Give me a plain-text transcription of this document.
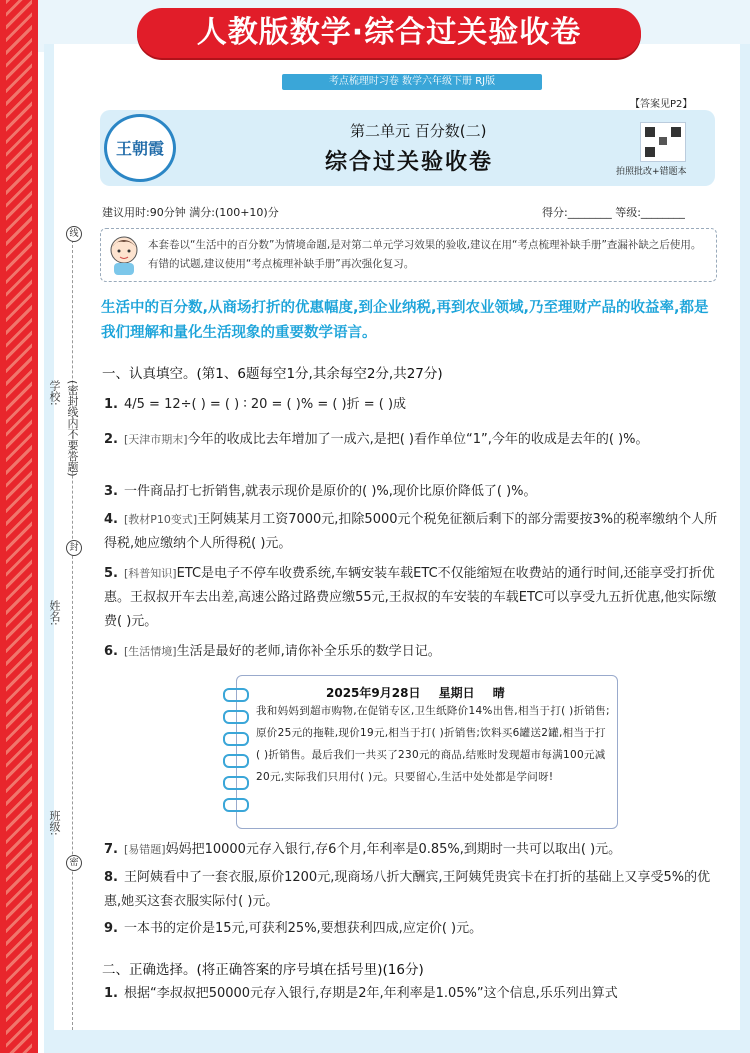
人教版数学·综合过关验收卷
考点梳理时习卷 数学六年级下册 RJ版
【答案见P2】
王朝霞
第二单元 百分数(二)
综合过关验收卷	拍照批改+错题本
建议用时:90分钟 满分:(100+10)分	得分:________ 等级:________
本套卷以“生活中的百分数”为情境命题,是对第二单元学习效果的验收,建议在用“考点梳理补缺手册”查漏补缺之后使用。有错的试题,建议使用“考点梳理补缺手册”再次强化复习。
生活中的百分数,从商场打折的优惠幅度,到企业纳税,再到农业领域,乃至理财产品的收益率,都是我们理解和量化生活现象的重要数学语言。
一、认真填空。(第1、6题每空1分,其余每空2分,共27分)
1. 4/5 = 12÷( ) = ( ) ∶ 20 = ( )% = ( )折 = ( )成
2. [天津市期末]今年的收成比去年增加了一成六,是把( )看作单位“1”,今年的收成是去年的( )%。
3. 一件商品打七折销售,就表示现价是原价的( )%,现价比原价降低了( )%。
4. [教材P10变式]王阿姨某月工资7000元,扣除5000元个税免征额后剩下的部分需要按3%的税率缴纳个人所得税,她应缴纳个人所得税( )元。
5. [科普知识]ETC是电子不停车收费系统,车辆安装车载ETC不仅能缩短在收费站的通行时间,还能享受打折优惠。王叔叔开车去出差,高速公路过路费应缴55元,王叔叔的车安装的车载ETC可以享受九五折优惠,他实际缴费( )元。
6. [生活情境]生活是最好的老师,请你补全乐乐的数学日记。
2025年9月28日 星期日 晴
我和妈妈到超市购物,在促销专区,卫生纸降价14%出售,相当于打( )折销售;原价25元的拖鞋,现价19元,相当于打( )折销售;饮料买6罐送2罐,相当于打( )折销售。最后我们一共买了230元的商品,结账时发现超市每满100元减20元,实际我们只用付( )元。只要留心,生活中处处都是学问呀!
7. [易错题]妈妈把10000元存入银行,存6个月,年利率是0.85%,到期时一共可以取出( )元。
8. 王阿姨看中了一套衣服,原价1200元,现商场八折大酬宾,王阿姨凭贵宾卡在打折的基础上又享受5%的优惠,她买这套衣服实际付( )元。
9. 一本书的定价是15元,可获利25%,要想获利四成,应定价( )元。
二、正确选择。(将正确答案的序号填在括号里)(16分)
1. 根据“李叔叔把50000元存入银行,存期是2年,年利率是1.05%”这个信息,乐乐列出算式
线
封
密
(密封线内不要答题)
学校:
姓名:
班级:
